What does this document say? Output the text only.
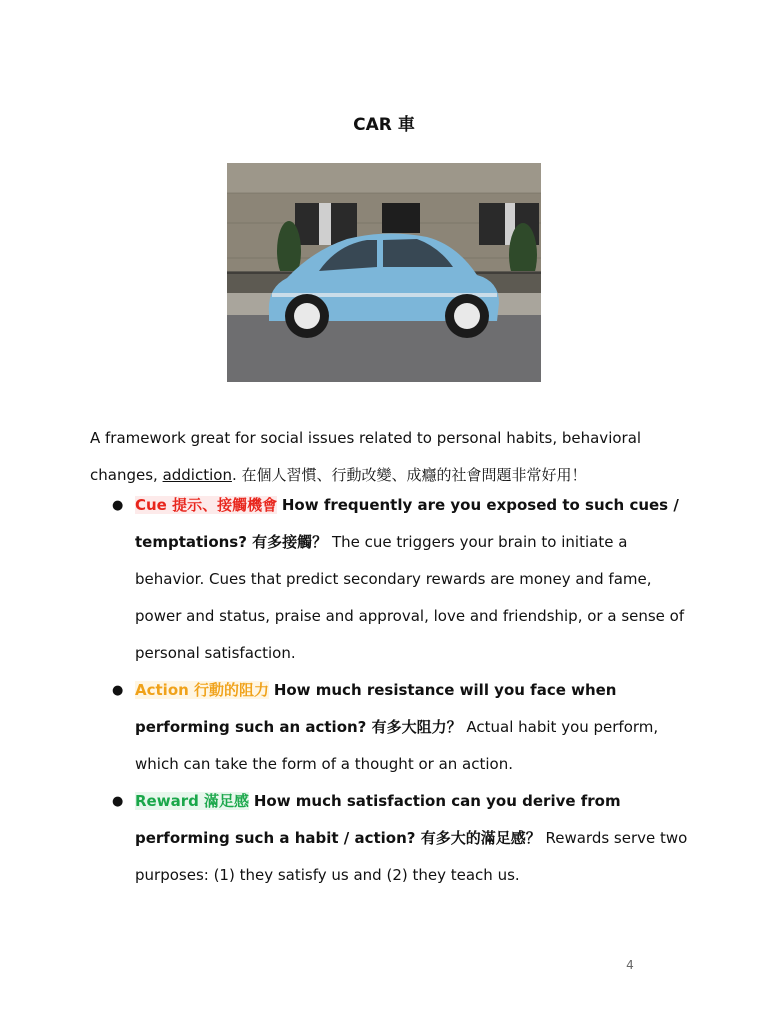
CAR 車
A framework great for social issues related to personal habits, behavioral changes, addiction. 在個人習慣、行動改變、成癮的社會問題非常好用！
● Cue 提示、接觸機會 How frequently are you exposed to such cues / temptations? 有多接觸？ The cue triggers your brain to initiate a behavior. Cues that predict secondary rewards are money and fame, power and status, praise and approval, love and friendship, or a sense of personal satisfaction.
● Action 行動的阻力 How much resistance will you face when performing such an action? 有多大阻力？ Actual habit you perform, which can take the form of a thought or an action.
● Reward 滿足感 How much satisfaction can you derive from performing such a habit / action? 有多大的滿足感？ Rewards serve two purposes: (1) they satisfy us and (2) they teach us.
4
